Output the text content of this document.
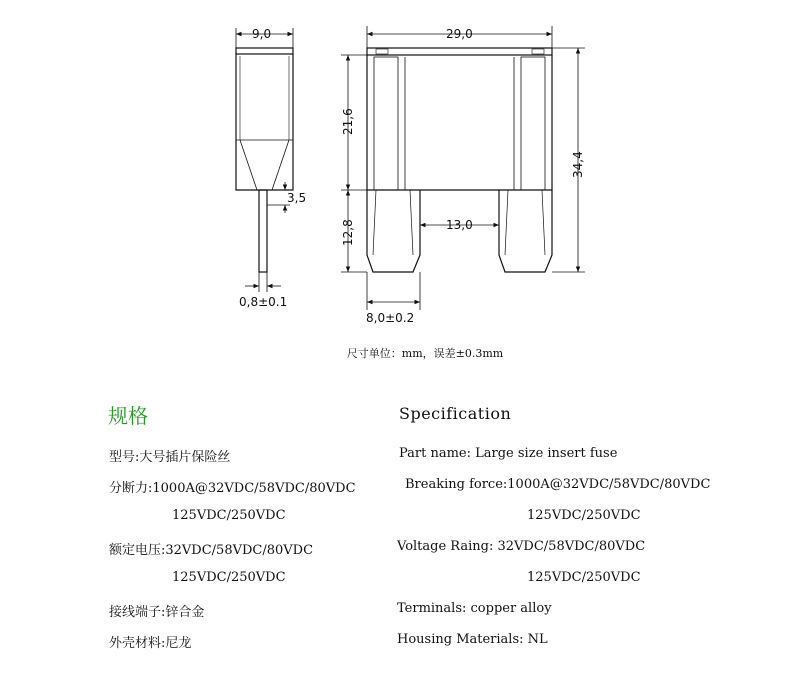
9,0
3,5
0,8±0.1
29,0
21,6
12,8
34,4
13,0
8,0±0.2
尺寸单位：mm，误差±0.3mm
规格	Specification
型号:大号插片保险丝
分断力:1000A@32VDC/58VDC/80VDC
125VDC/250VDC
额定电压:32VDC/58VDC/80VDC
125VDC/250VDC
接线端子:锌合金
外壳材料:尼龙
Part name: Large size insert fuse
Breaking force:1000A@32VDC/58VDC/80VDC
125VDC/250VDC
Voltage Raing: 32VDC/58VDC/80VDC
125VDC/250VDC
Terminals: copper alloy
Housing Materials: NL
